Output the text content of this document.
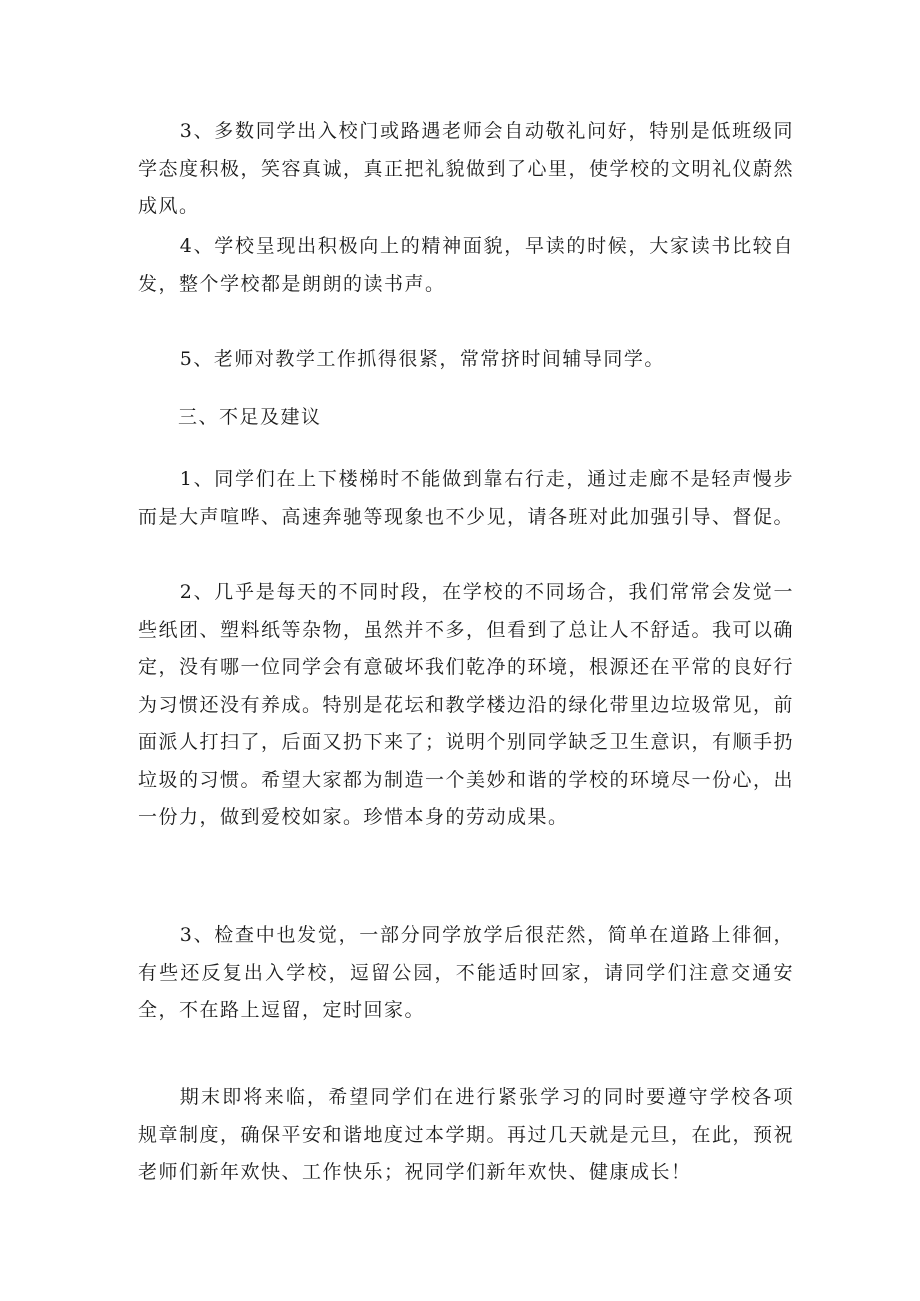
3、多数同学出入校门或路遇老师会自动敬礼问好，特别是低班级同学态度积极，笑容真诚，真正把礼貌做到了心里，使学校的文明礼仪蔚然成风。

4、学校呈现出积极向上的精神面貌，早读的时候，大家读书比较自发，整个学校都是朗朗的读书声。

5、老师对教学工作抓得很紧，常常挤时间辅导同学。

三、不足及建议

1、同学们在上下楼梯时不能做到靠右行走，通过走廊不是轻声慢步而是大声喧哗、高速奔驰等现象也不少见，请各班对此加强引导、督促。

2、几乎是每天的不同时段，在学校的不同场合，我们常常会发觉一些纸团、塑料纸等杂物，虽然并不多，但看到了总让人不舒适。我可以确定，没有哪一位同学会有意破坏我们乾净的环境，根源还在平常的良好行为习惯还没有养成。特别是花坛和教学楼边沿的绿化带里边垃圾常见，前面派人打扫了，后面又扔下来了；说明个别同学缺乏卫生意识，有顺手扔垃圾的习惯。希望大家都为制造一个美妙和谐的学校的环境尽一份心，出一份力，做到爱校如家。珍惜本身的劳动成果。

3、检查中也发觉，一部分同学放学后很茫然，简单在道路上徘徊，有些还反复出入学校，逗留公园，不能适时回家，请同学们注意交通安全，不在路上逗留，定时回家。

期末即将来临，希望同学们在进行紧张学习的同时要遵守学校各项规章制度，确保平安和谐地度过本学期。再过几天就是元旦，在此，预祝老师们新年欢快、工作快乐；祝同学们新年欢快、健康成长！
